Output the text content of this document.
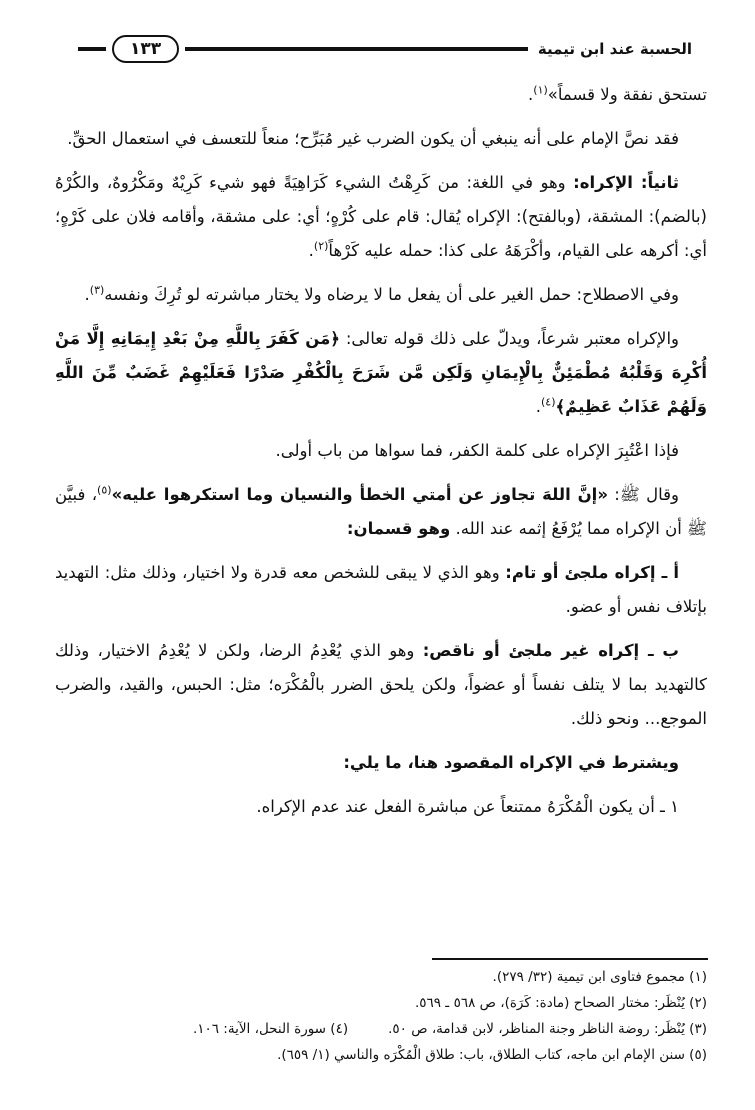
الحسبة عند ابن تيمية
١٣٣

تستحق نفقة ولا قسماً»$^{(١)}$.

فقد نصَّ الإمام على أنه ينبغي أن يكون الضرب غير مُبَرِّح؛ منعاً للتعسف في استعمال الحقِّ.

ثانياً: الإكراه: وهو في اللغة: من كَرِهْتُ الشيء كَرَاهِيَةً فهو شيء كَرِيْهٌ ومَكْرُوهٌ، والكُرْهُ (بالضم): المشقة، (وبالفتح): الإكراه يُقال: قام على كُرْهٍ؛ أي: على مشقة، وأقامه فلان على كَرْهٍ؛ أي: أكرهه على القيام، وأكْرَهَهُ على كذا: حمله عليه كَرْهاً$^{(٢)}$.

وفي الاصطلاح: حمل الغير على أن يفعل ما لا يرضاه ولا يختار مباشرته لو تُرِكَ ونفسه$^{(٣)}$.

والإكراه معتبر شرعاً، ويدلّ على ذلك قوله تعالى: ﴿مَن كَفَرَ بِاللَّهِ مِنْ بَعْدِ إِيمَانِهِ إِلَّا مَنْ أُكْرِهَ وَقَلْبُهُ مُطْمَئِنٌّ بِالْإِيمَانِ وَلَكِن مَّن شَرَحَ بِالْكُفْرِ صَدْرًا فَعَلَيْهِمْ غَضَبٌ مِّنَ اللَّهِ وَلَهُمْ عَذَابٌ عَظِيمٌ﴾$^{(٤)}$.

فإذا اعْتُبِرَ الإكراه على كلمة الكفر، فما سواها من باب أولى.

وقال ﷺ: «إنَّ اللهَ تجاوز عن أمتي الخطأ والنسيان وما استكرهوا عليه»$^{(٥)}$، فبيَّن ﷺ أن الإكراه مما يُرْفَعُ إثمه عند الله. وهو قسمان:

أ ـ إكراه ملجئ أو تام: وهو الذي لا يبقى للشخص معه قدرة ولا اختيار، وذلك مثل: التهديد بإتلاف نفس أو عضو.

ب ـ إكراه غير ملجئ أو ناقص: وهو الذي يُعْدِمُ الرضا، ولكن لا يُعْدِمُ الاختيار، وذلك كالتهديد بما لا يتلف نفساً أو عضواً، ولكن يلحق الضرر بالْمُكْرَه؛ مثل: الحبس، والقيد، والضرب الموجع... ونحو ذلك.

ويشترط في الإكراه المقصود هنا، ما يلي:

١ ـ أن يكون الْمُكْرَهُ ممتنعاً عن مباشرة الفعل عند عدم الإكراه.

(١) مجموع فتاوى ابن تيمية (٣٢/ ٢٧٩).
(٢) يُنْظَر: مختار الصحاح (مادة: كَرَهَ)، ص ٥٦٨ ـ ٥٦٩.
(٣) يُنْظَر: روضة الناظر وجنة المناظر، لابن قدامة، ص ٥٠.
(٤) سورة النحل، الآية: ١٠٦.
(٥) سنن الإمام ابن ماجه، كتاب الطلاق، باب: طلاق الْمُكْرَه والناسي (١/ ٦٥٩).
